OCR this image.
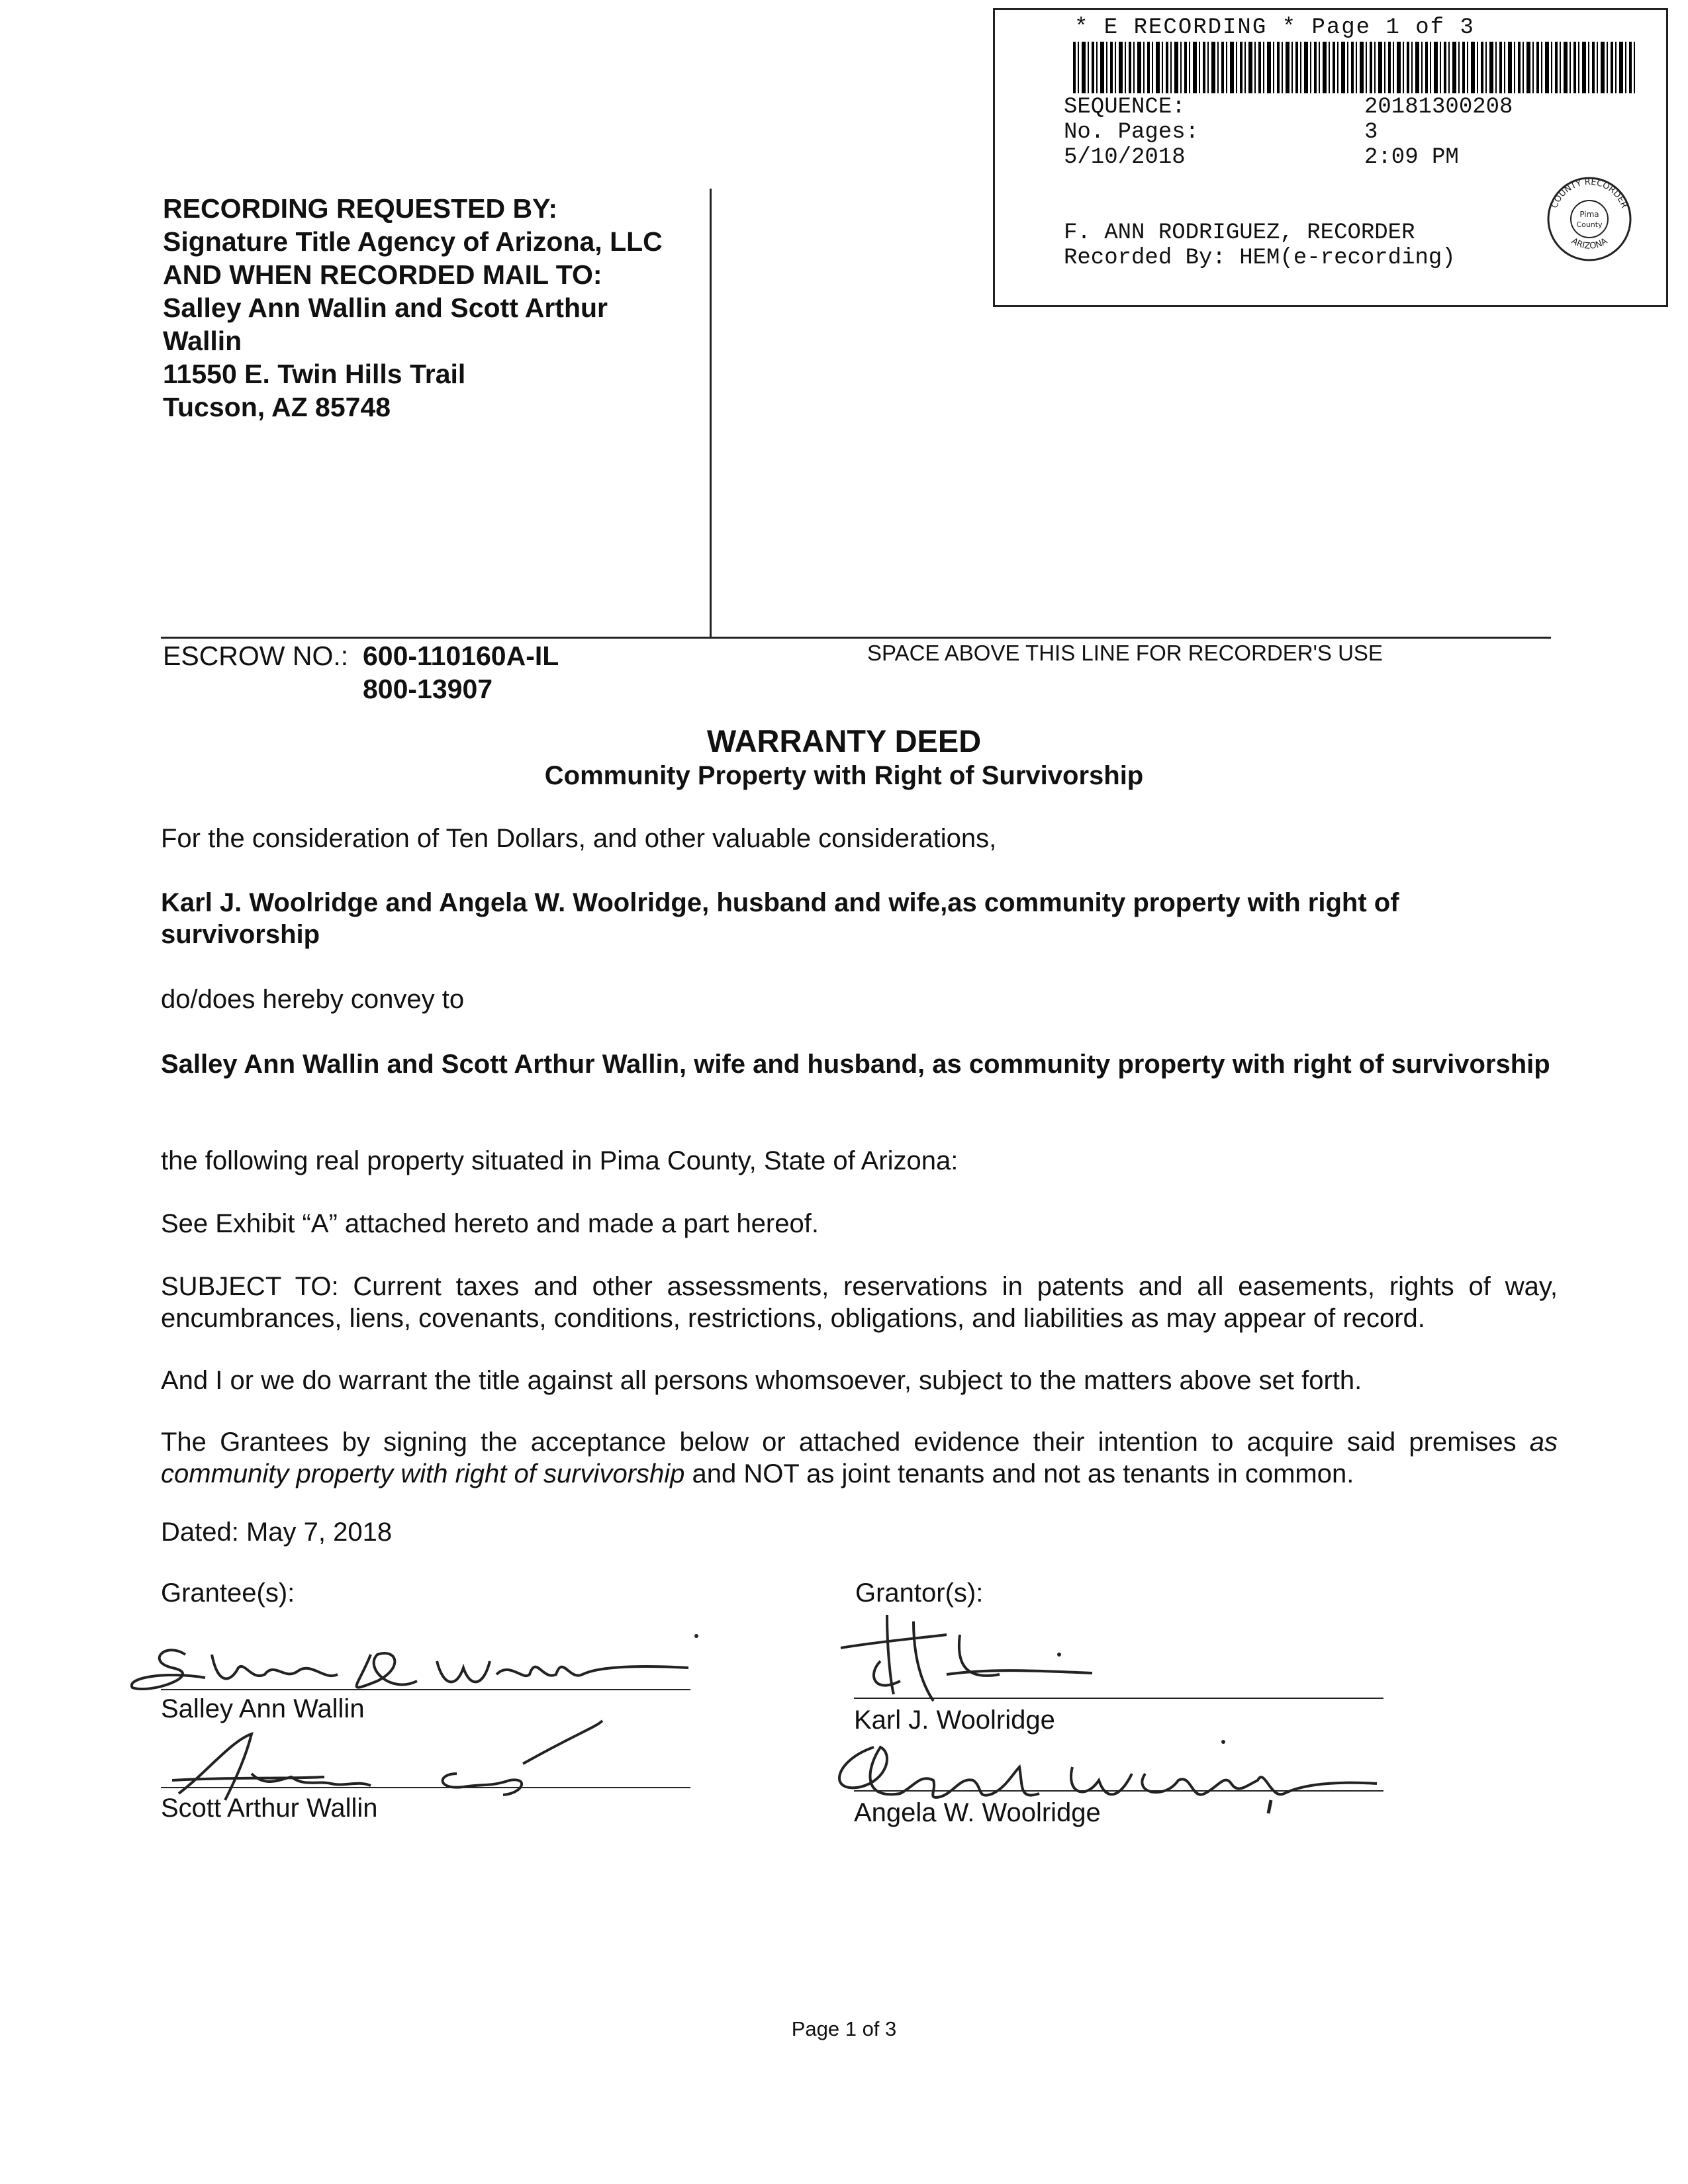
* E RECORDING * Page 1 of 3
SEQUENCE:	20181300208
No. Pages:	3
5/10/2018	2:09 PM
F. ANN RODRIGUEZ, RECORDER
Recorded By: HEM(e-recording)
COUNTY RECORDER
ARIZONA
Pima
County
RECORDING REQUESTED BY:
Signature Title Agency of Arizona, LLC
AND WHEN RECORDED MAIL TO:
Salley Ann Wallin and Scott Arthur
Wallin
11550 E. Twin Hills Trail
Tucson, AZ 85748
ESCROW NO.: 600-110160A-IL
800-13907
SPACE ABOVE THIS LINE FOR RECORDER'S USE
WARRANTY DEED
Community Property with Right of Survivorship
For the consideration of Ten Dollars, and other valuable considerations,
Karl J. Woolridge and Angela W. Woolridge, husband and wife,as community property with right of survivorship
do/does hereby convey to
Salley Ann Wallin and Scott Arthur Wallin, wife and husband, as community property with right of survivorship
the following real property situated in Pima County, State of Arizona:
See Exhibit “A” attached hereto and made a part hereof.
SUBJECT TO: Current taxes and other assessments, reservations in patents and all easements, rights of way, encumbrances, liens, covenants, conditions, restrictions, obligations, and liabilities as may appear of record.
And I or we do warrant the title against all persons whomsoever, subject to the matters above set forth.
The Grantees by signing the acceptance below or attached evidence their intention to acquire said premises as community property with right of survivorship and NOT as joint tenants and not as tenants in common.
Dated: May 7, 2018
Grantee(s):	Grantor(s):
Salley Ann Wallin
Scott Arthur Wallin
Karl J. Woolridge
Angela W. Woolridge
Page 1 of 3
